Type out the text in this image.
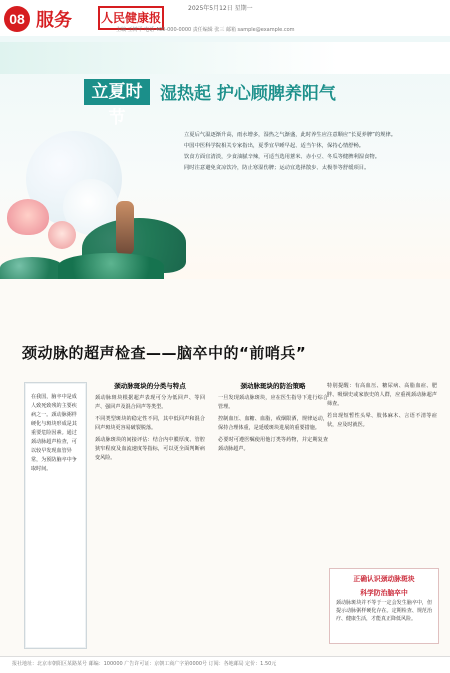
08 服务 人民健康报
2025年5月12日 星期一
主编 王树平 电话 400-000-0000 责任编辑 张三 邮箱 sample@example.com
立夏时节
湿热起 护心顾脾养阳气

立夏后气温逐渐升高，雨水增多，湿热之气渐盛，此时养生应注意顺应“长夏养脾”的规律。

中国中医科学院相关专家指出，夏季宜早睡早起、适当午休，保持心情舒畅。

饮食方面宜清淡，少食油腻辛辣，可适当选用薏米、赤小豆、冬瓜等健脾利湿食物。

同时注意避免贪凉饮冷，防止寒湿伤脾；运动宜选择散步、太极拳等舒缓项目。

颈动脉的超声检查——脑卒中的“前哨兵”
在我国，脑卒中是成人致死致残的主要疾病之一。颈动脉粥样硬化与斑块形成是其重要危险因素。通过颈动脉超声检查，可以较早发现血管异常，为预防脑卒中争取时间。
颈动脉斑块的分类与特点

颈动脉斑块根据超声表现可分为低回声、等回声、强回声及混合回声等类型。

不同类型斑块的稳定性不同，其中低回声和混合回声斑块更容易破裂脱落。

颈动脉斑块的间接评估：结合内中膜厚度、管腔狭窄程度及血流速度等指标，可以更全面判断病变风险。

颈动脉斑块的防治策略

一旦发现颈动脉斑块，应在医生指导下进行综合管理。

控制血压、血糖、血脂，戒烟限酒，规律运动，保持合理体重，是延缓斑块进展的重要措施。

必要时可遵医嘱使用他汀类等药物，并定期复查颈动脉超声。

特别提醒：有高血压、糖尿病、高脂血症、肥胖、吸烟史或家族史的人群，应重视颈动脉超声筛查。

若出现短暂性头晕、肢体麻木、言语不清等症状，应及时就医。

正确认识颈动脉斑块
科学防治脑卒中

颈动脉斑块并不等于一定会发生脑卒中，但提示动脉粥样硬化存在。定期检查、规范治疗、健康生活，才能真正降低风险。

报社地址：北京市朝阳区某路某号 邮编：100000 广告许可证：京朝工商广字第0000号 订阅：各地邮局 定价：1.50元
